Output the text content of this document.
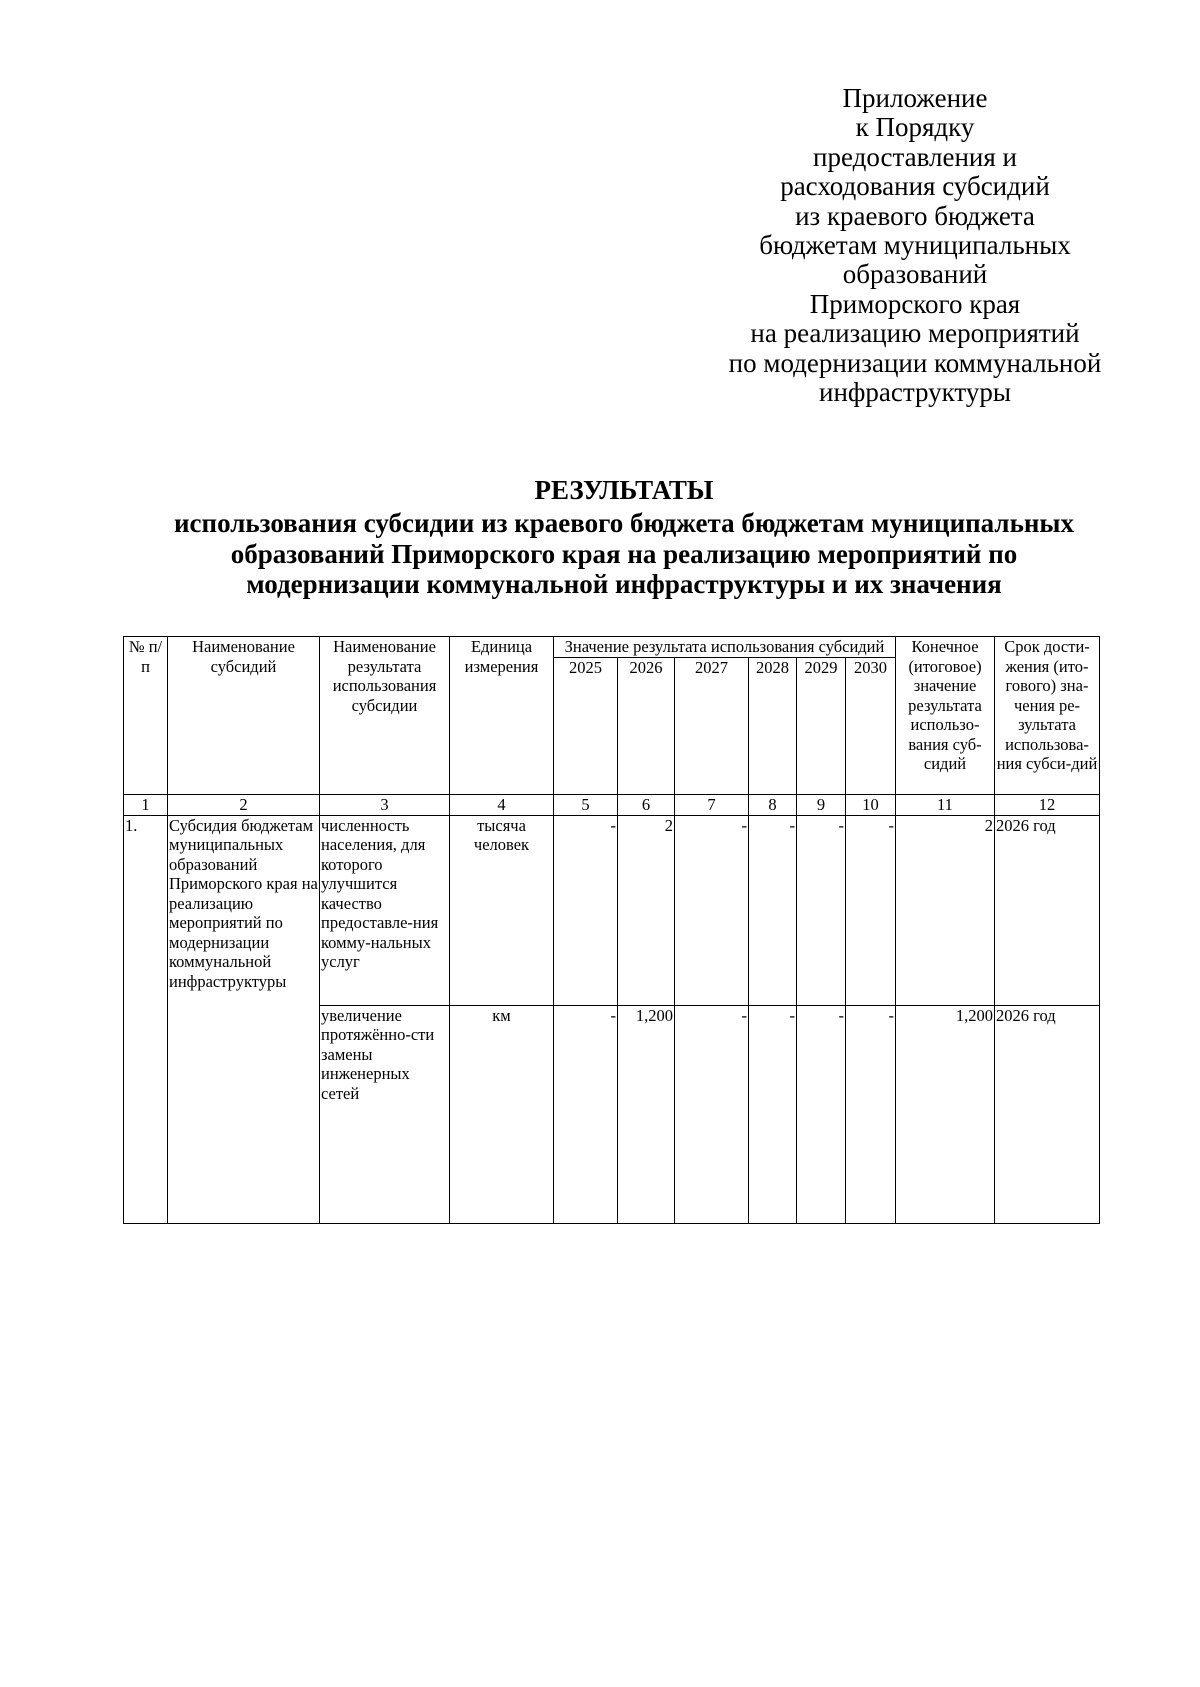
Приложение
к Порядку
предоставления и
расходования субсидий
из краевого бюджета
бюджетам муниципальных
образований
Приморского края
на реализацию мероприятий
по модернизации коммунальной
инфраструктуры
РЕЗУЛЬТАТЫ
использования субсидии из краевого бюджета бюджетам муниципальных
образований Приморского края на реализацию мероприятий по
модернизации коммунальной инфраструктуры и их значения
№ п/п	Наименование субсидий	Наименование результата использования субсидии	Единица измерения	Значение результата использования субсидий						Конечное (итоговое) значение результата использо-вания суб-сидий	Срок дости-жения (ито-гового) зна-чения ре-зультата использова-ния субси-дий
				2025	2026	2027	2028	2029	2030		
1	2	3	4	5	6	7	8	9	10	11	12
1.	Субсидия бюджетам муниципальных образований Приморского края на реализацию мероприятий по модернизации коммунальной инфраструктуры	численность населения, для которого улучшится качество предоставле-ния комму-нальных услуг	тысяча человек	-	2	-	-	-	-	2	2026 год
		увеличение протяжённо-сти замены инженерных сетей	км	-	1,200	-	-	-	-	1,200	2026 год
